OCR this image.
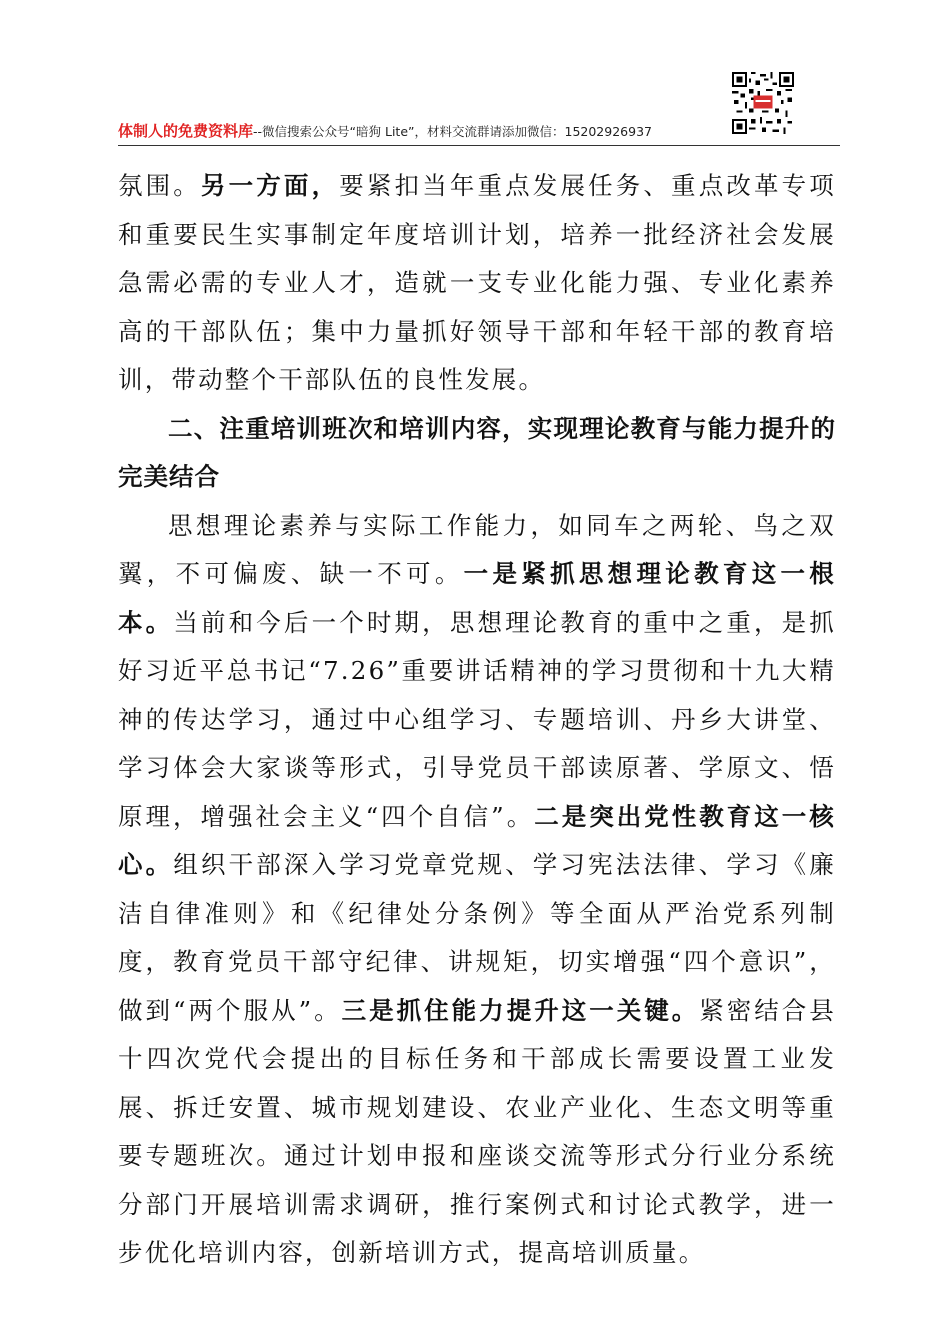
体制人的免费资料库--微信搜索公众号“暗狗 Lite”，材料交流群请添加微信：15202926937

氛围。另一方面，要紧扣当年重点发展任务、重点改革专项和重要民生实事制定年度培训计划，培养一批经济社会发展急需必需的专业人才，造就一支专业化能力强、专业化素养高的干部队伍；集中力量抓好领导干部和年轻干部的教育培训，带动整个干部队伍的良性发展。

二、注重培训班次和培训内容，实现理论教育与能力提升的完美结合

思想理论素养与实际工作能力，如同车之两轮、鸟之双翼，不可偏废、缺一不可。一是紧抓思想理论教育这一根本。当前和今后一个时期，思想理论教育的重中之重，是抓好习近平总书记“7.26”重要讲话精神的学习贯彻和十九大精神的传达学习，通过中心组学习、专题培训、丹乡大讲堂、学习体会大家谈等形式，引导党员干部读原著、学原文、悟原理，增强社会主义“四个自信”。二是突出党性教育这一核心。组织干部深入学习党章党规、学习宪法法律、学习《廉洁自律准则》和《纪律处分条例》等全面从严治党系列制度，教育党员干部守纪律、讲规矩，切实增强“四个意识”，做到“两个服从”。三是抓住能力提升这一关键。紧密结合县十四次党代会提出的目标任务和干部成长需要设置工业发展、拆迁安置、城市规划建设、农业产业化、生态文明等重要专题班次。通过计划申报和座谈交流等形式分行业分系统分部门开展培训需求调研，推行案例式和讨论式教学，进一步优化培训内容，创新培训方式，提高培训质量。
